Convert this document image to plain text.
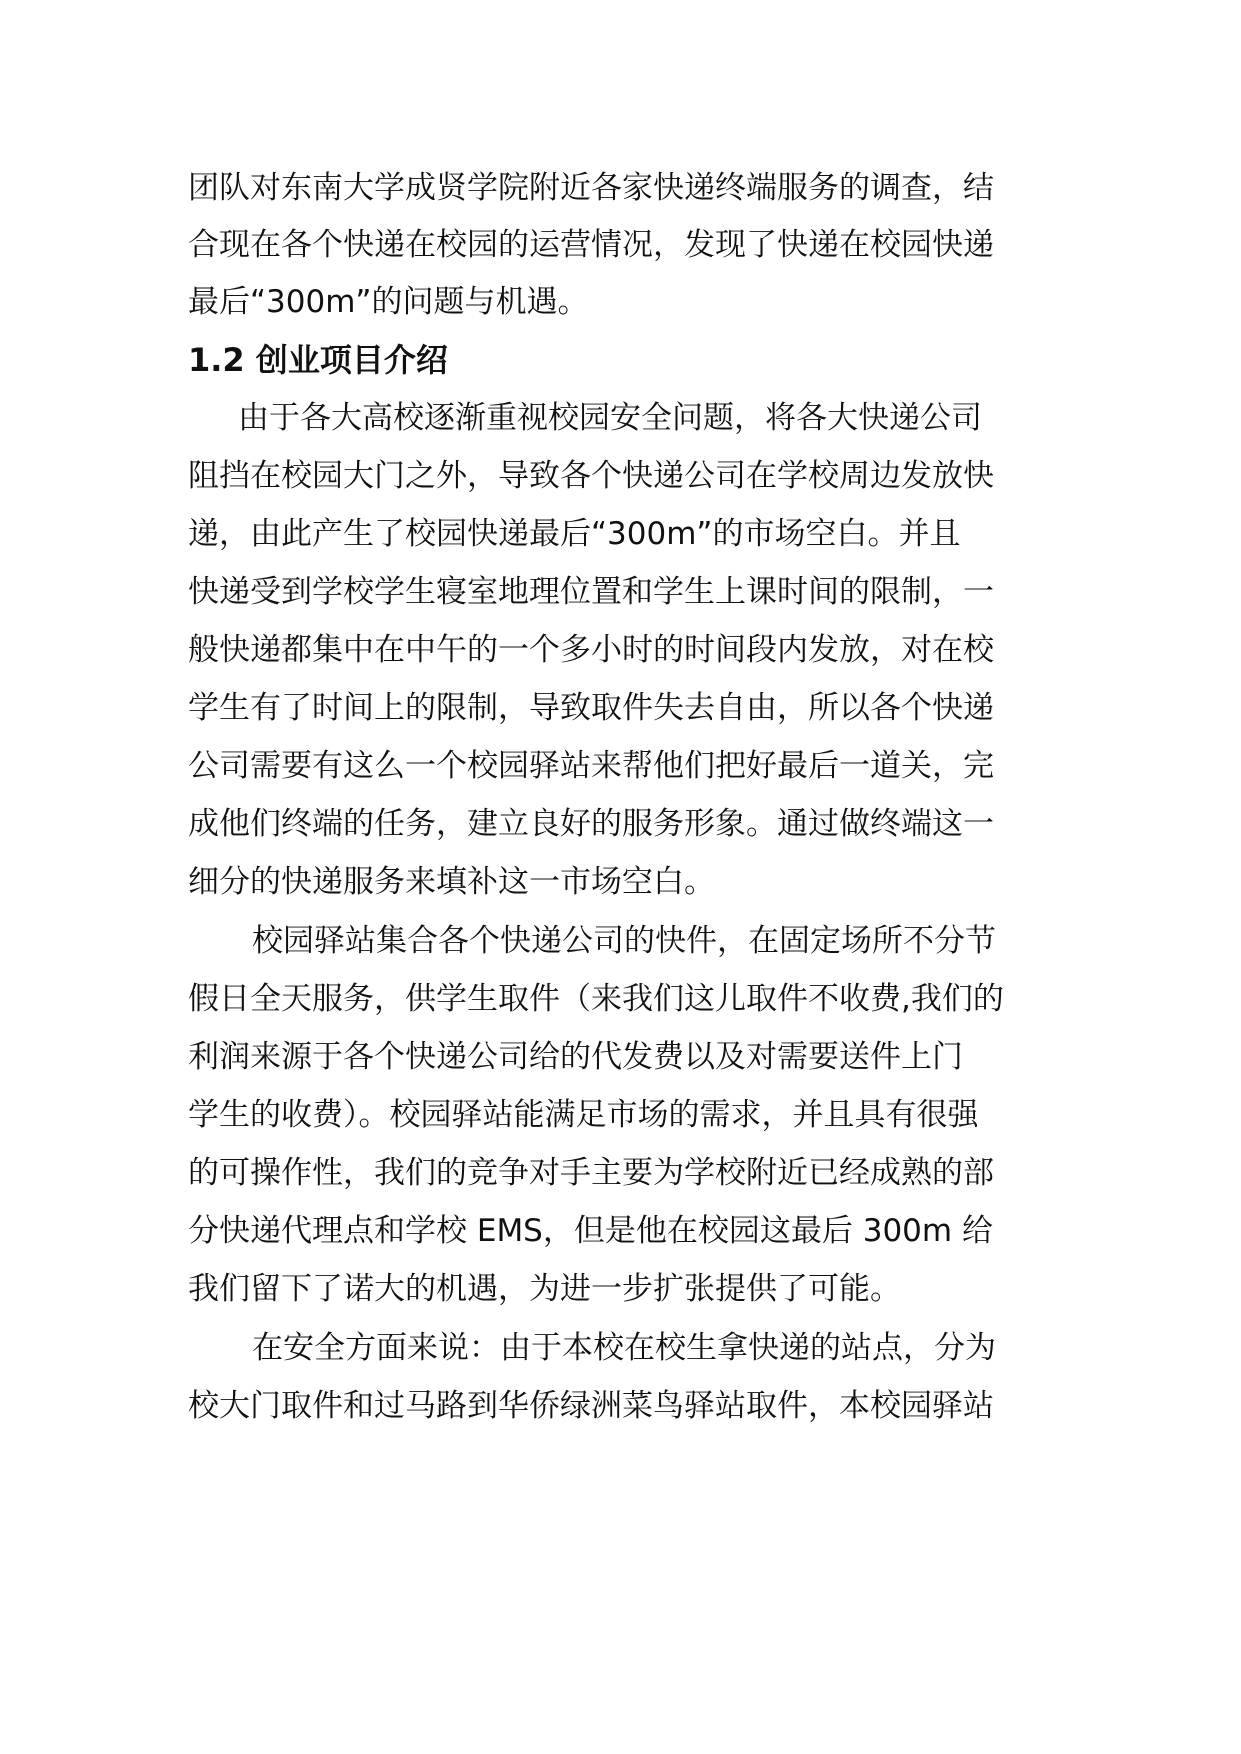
团队对东南大学成贤学院附近各家快递终端服务的调查，结
合现在各个快递在校园的运营情况，发现了快递在校园快递
最后“300m”的问题与机遇。
1.2 创业项目介绍
由于各大高校逐渐重视校园安全问题，将各大快递公司
阻挡在校园大门之外，导致各个快递公司在学校周边发放快
递，由此产生了校园快递最后“300m”的市场空白。并且
快递受到学校学生寝室地理位置和学生上课时间的限制，一
般快递都集中在中午的一个多小时的时间段内发放，对在校
学生有了时间上的限制，导致取件失去自由，所以各个快递
公司需要有这么一个校园驿站来帮他们把好最后一道关，完
成他们终端的任务，建立良好的服务形象。通过做终端这一
细分的快递服务来填补这一市场空白。
校园驿站集合各个快递公司的快件，在固定场所不分节
假日全天服务，供学生取件（来我们这儿取件不收费,我们的
利润来源于各个快递公司给的代发费以及对需要送件上门
学生的收费）。校园驿站能满足市场的需求，并且具有很强
的可操作性，我们的竞争对手主要为学校附近已经成熟的部
分快递代理点和学校 EMS，但是他在校园这最后 300m 给
我们留下了诺大的机遇，为进一步扩张提供了可能。
在安全方面来说：由于本校在校生拿快递的站点，分为
校大门取件和过马路到华侨绿洲菜鸟驿站取件，本校园驿站
